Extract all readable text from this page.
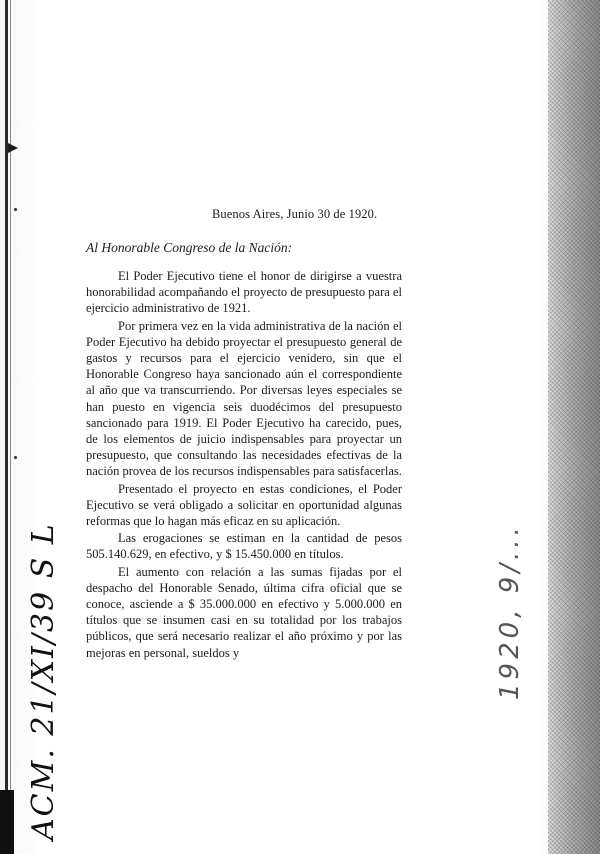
Buenos Aires, Junio 30 de 1920.
Al Honorable Congreso de la Nación:

El Poder Ejecutivo tiene el honor de dirigirse a vuestra honorabilidad acompañando el proyecto de presupuesto para el ejercicio administrativo de 1921.

Por primera vez en la vida administrativa de la nación el Poder Ejecutivo ha debido proyectar el presupuesto general de gastos y recursos para el ejercicio venidero, sin que el Honorable Congreso haya sancionado aún el correspondiente al año que va transcurriendo. Por diversas leyes especiales se han puesto en vigencia seis duodécimos del presupuesto sancionado para 1919. El Poder Ejecutivo ha carecido, pues, de los elementos de juicio indispensables para proyectar un presupuesto, que consultando las necesidades efectivas de la nación provea de los recursos indispensables para satisfacerlas.

Presentado el proyecto en estas condiciones, el Poder Ejecutivo se verá obligado a solicitar en oportunidad algunas reformas que lo hagan más eficaz en su aplicación.

Las erogaciones se estiman en la cantidad de pesos 505.140.629, en efectivo, y $ 15.450.000 en títulos.

El aumento con relación a las sumas fijadas por el despacho del Honorable Senado, última cifra oficial que se conoce, asciende a $ 35.000.000 en efectivo y 5.000.000 en títulos que se insumen casi en su totalidad por los trabajos públicos, que será necesario realizar el año próximo y por las mejoras en personal, sueldos y

ACM. 21/XI/39 S L	1920, 9/...
